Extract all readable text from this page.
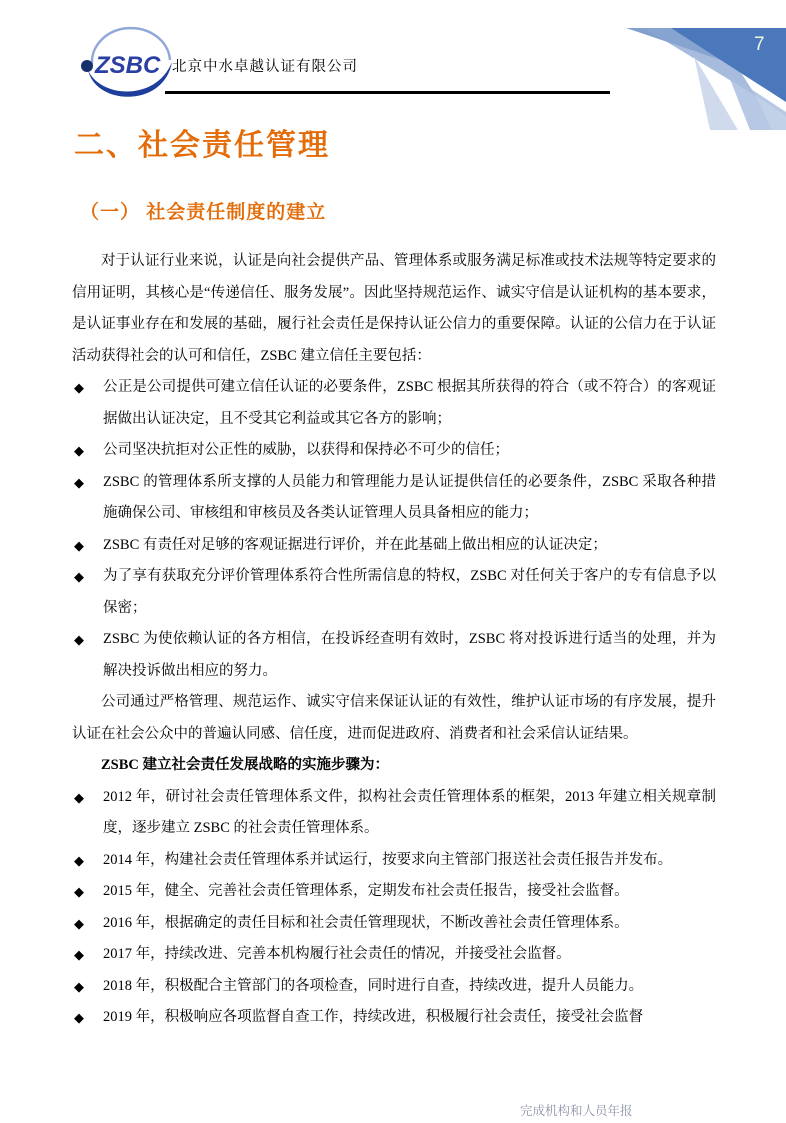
7
ZSBC 北京中水卓越认证有限公司
二、社会责任管理
（一） 社会责任制度的建立

对于认证行业来说，认证是向社会提供产品、管理体系或服务满足标准或技术法规等特定要求的信用证明，其核心是“传递信任、服务发展”。因此坚持规范运作、诚实守信是认证机构的基本要求，是认证事业存在和发展的基础，履行社会责任是保持认证公信力的重要保障。认证的公信力在于认证活动获得社会的认可和信任，ZSBC 建立信任主要包括：

◆ 公正是公司提供可建立信任认证的必要条件，ZSBC 根据其所获得的符合（或不符合）的客观证据做出认证决定，且不受其它利益或其它各方的影响；
◆ 公司坚决抗拒对公正性的威胁，以获得和保持必不可少的信任；
◆ ZSBC 的管理体系所支撑的人员能力和管理能力是认证提供信任的必要条件，ZSBC 采取各种措施确保公司、审核组和审核员及各类认证管理人员具备相应的能力；
◆ ZSBC 有责任对足够的客观证据进行评价，并在此基础上做出相应的认证决定；
◆ 为了享有获取充分评价管理体系符合性所需信息的特权，ZSBC 对任何关于客户的专有信息予以保密；
◆ ZSBC 为使依赖认证的各方相信，在投诉经查明有效时，ZSBC 将对投诉进行适当的处理，并为解决投诉做出相应的努力。

公司通过严格管理、规范运作、诚实守信来保证认证的有效性，维护认证市场的有序发展，提升认证在社会公众中的普遍认同感、信任度，进而促进政府、消费者和社会采信认证结果。

ZSBC 建立社会责任发展战略的实施步骤为：

◆ 2012 年，研讨社会责任管理体系文件，拟构社会责任管理体系的框架，2013 年建立相关规章制度，逐步建立 ZSBC 的社会责任管理体系。
◆ 2014 年，构建社会责任管理体系并试运行，按要求向主管部门报送社会责任报告并发布。
◆ 2015 年，健全、完善社会责任管理体系，定期发布社会责任报告，接受社会监督。
◆ 2016 年，根据确定的责任目标和社会责任管理现状，不断改善社会责任管理体系。
◆ 2017 年，持续改进、完善本机构履行社会责任的情况，并接受社会监督。
◆ 2018 年，积极配合主管部门的各项检查，同时进行自查，持续改进，提升人员能力。
◆ 2019 年，积极响应各项监督自查工作，持续改进，积极履行社会责任，接受社会监督
完成机构和人员年报
